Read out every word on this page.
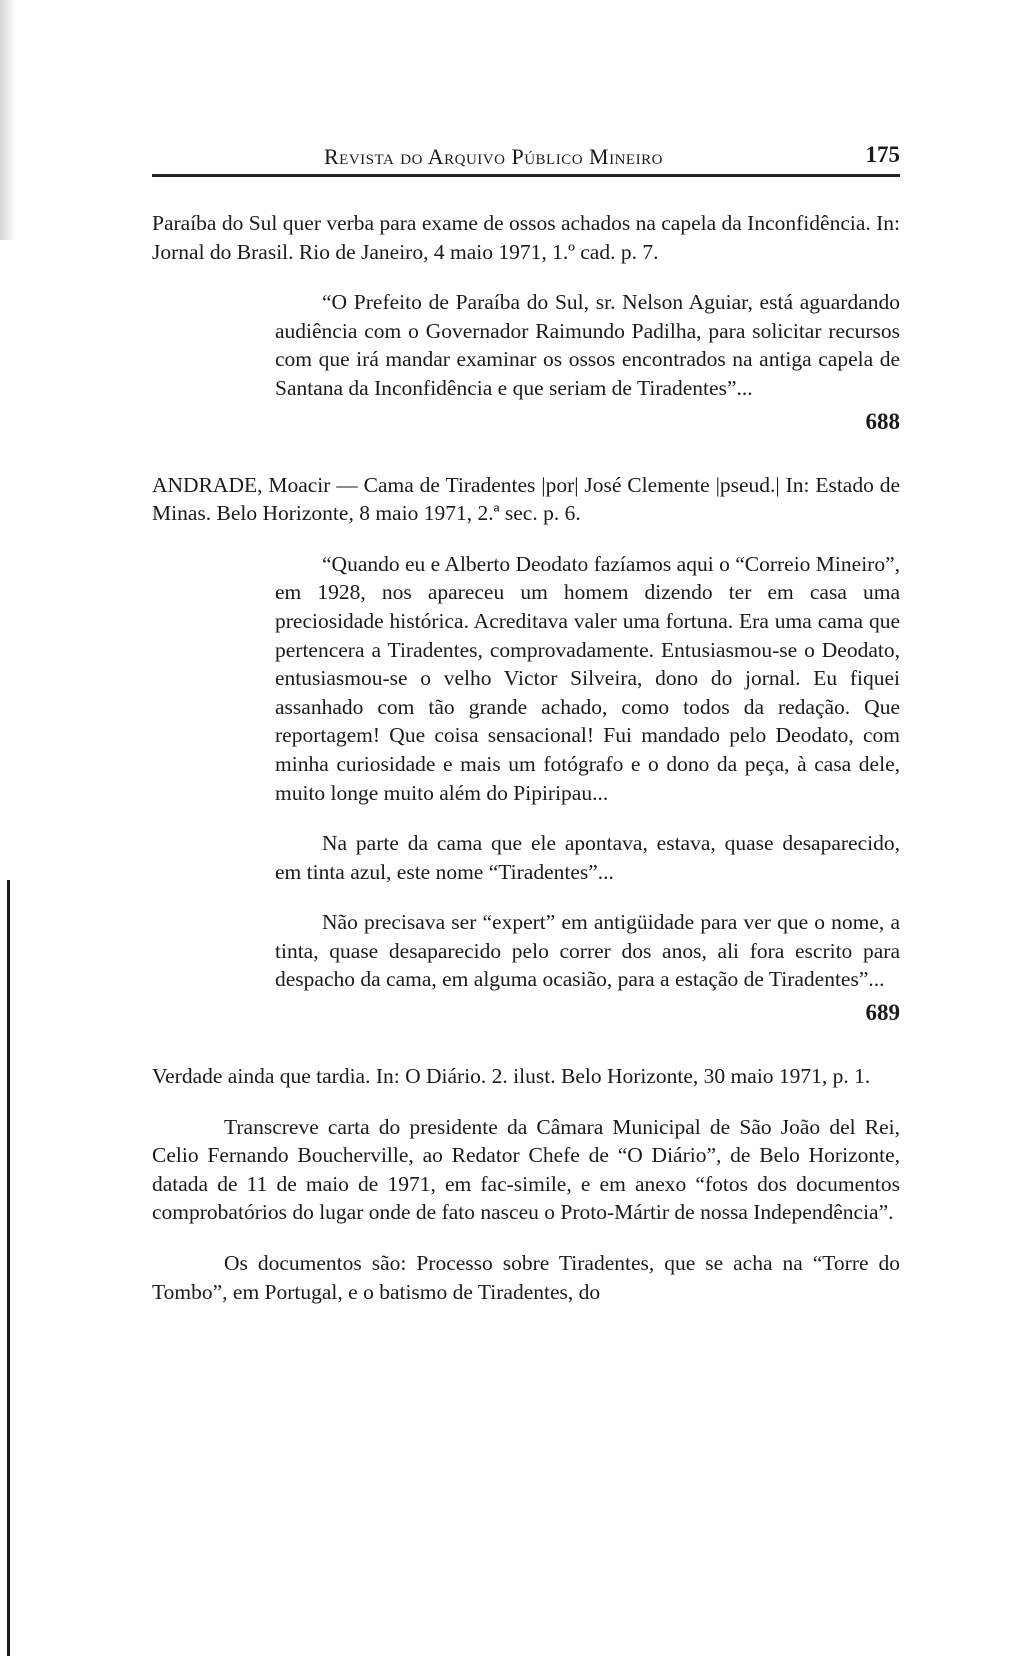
Revista do Arquivo Público Mineiro	175

Paraíba do Sul quer verba para exame de ossos achados na capela da Inconfidência. In: Jornal do Brasil. Rio de Janeiro, 4 maio 1971, 1.º cad. p. 7.

“O Prefeito de Paraíba do Sul, sr. Nelson Aguiar, está aguardando audiência com o Governador Raimundo Padilha, para solicitar recursos com que irá mandar examinar os ossos encontrados na antiga capela de Santana da Inconfidência e que seriam de Tiradentes”...

688

ANDRADE, Moacir — Cama de Tiradentes |por| José Clemente |pseud.| In: Estado de Minas. Belo Horizonte, 8 maio 1971, 2.ª sec. p. 6.

“Quando eu e Alberto Deodato fazíamos aqui o “Correio Mineiro”, em 1928, nos apareceu um homem dizendo ter em casa uma preciosidade histórica. Acreditava valer uma fortuna. Era uma cama que pertencera a Tiradentes, comprovadamente. Entusiasmou-se o Deodato, entusiasmou-se o velho Victor Silveira, dono do jornal. Eu fiquei assanhado com tão grande achado, como todos da redação. Que reportagem! Que coisa sensacional! Fui mandado pelo Deodato, com minha curiosidade e mais um fotógrafo e o dono da peça, à casa dele, muito longe muito além do Pipiripau...

Na parte da cama que ele apontava, estava, quase desaparecido, em tinta azul, este nome “Tiradentes”...

Não precisava ser “expert” em antigüidade para ver que o nome, a tinta, quase desaparecido pelo correr dos anos, ali fora escrito para despacho da cama, em alguma ocasião, para a estação de Tiradentes”...

689

Verdade ainda que tardia. In: O Diário. 2. ilust. Belo Horizonte, 30 maio 1971, p. 1.

Transcreve carta do presidente da Câmara Municipal de São João del Rei, Celio Fernando Boucherville, ao Redator Chefe de “O Diário”, de Belo Horizonte, datada de 11 de maio de 1971, em fac-simile, e em anexo “fotos dos documentos comprobatórios do lugar onde de fato nasceu o Proto-Mártir de nossa Independência”.

Os documentos são: Processo sobre Tiradentes, que se acha na “Torre do Tombo”, em Portugal, e o batismo de Tiradentes, do
